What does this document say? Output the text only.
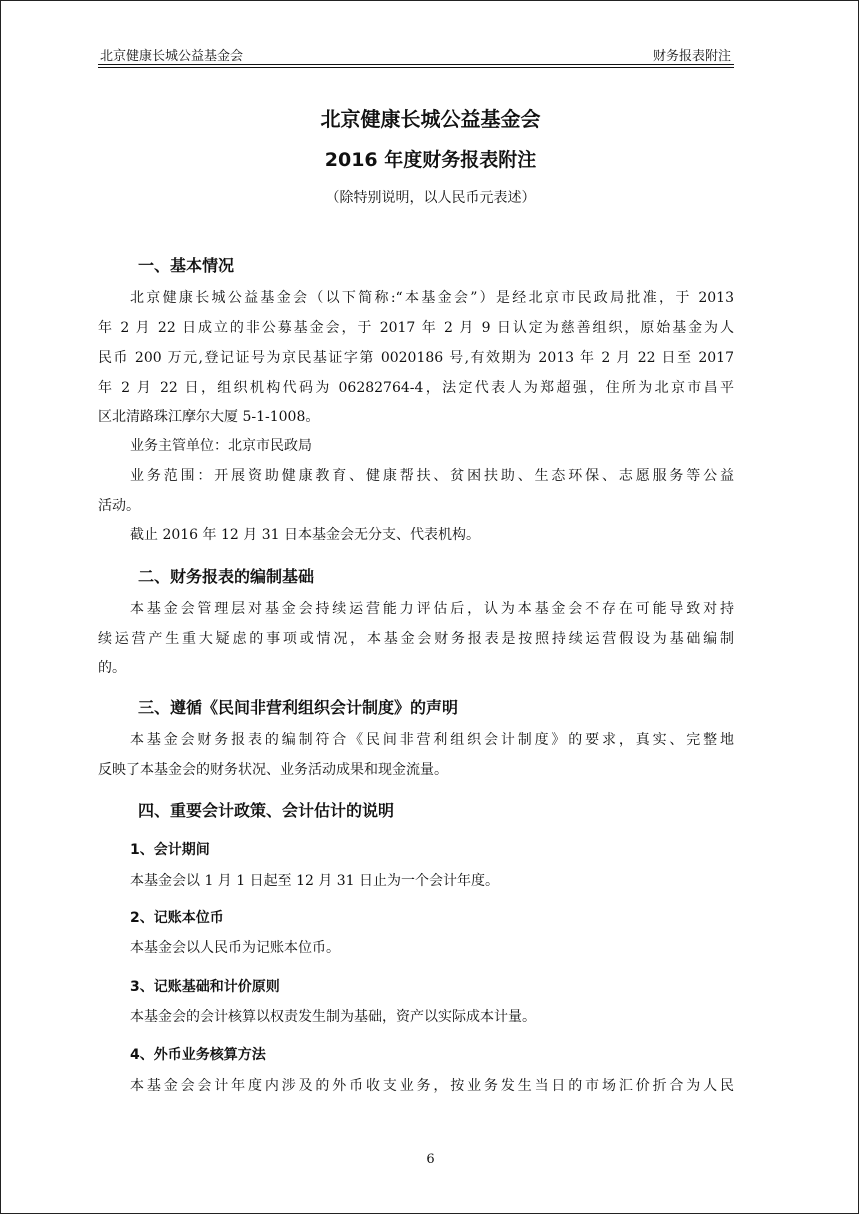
北京健康长城公益基金会	财务报表附注
北京健康长城公益基金会
2016 年度财务报表附注
（除特别说明，以人民币元表述）
一、基本情况
北京健康长城公益基金会（以下简称:“本基金会”）是经北京市民政局批准，于 2013
年 2 月 22 日成立的非公募基金会，于 2017 年 2 月 9 日认定为慈善组织，原始基金为人
民币 200 万元,登记证号为京民基证字第 0020186 号,有效期为 2013 年 2 月 22 日至 2017
年 2 月 22 日，组织机构代码为 06282764-4，法定代表人为郑超强，住所为北京市昌平
区北清路珠江摩尔大厦 5-1-1008。
业务主管单位：北京市民政局
业务范围：开展资助健康教育、健康帮扶、贫困扶助、生态环保、志愿服务等公益
活动。
截止 2016 年 12 月 31 日本基金会无分支、代表机构。
二、财务报表的编制基础
本基金会管理层对基金会持续运营能力评估后，认为本基金会不存在可能导致对持
续运营产生重大疑虑的事项或情况，本基金会财务报表是按照持续运营假设为基础编制
的。
三、遵循《民间非营利组织会计制度》的声明
本基金会财务报表的编制符合《民间非营利组织会计制度》的要求，真实、完整地
反映了本基金会的财务状况、业务活动成果和现金流量。
四、重要会计政策、会计估计的说明
1、会计期间
本基金会以 1 月 1 日起至 12 月 31 日止为一个会计年度。
2、记账本位币
本基金会以人民币为记账本位币。
3、记账基础和计价原则
本基金会的会计核算以权责发生制为基础，资产以实际成本计量。
4、外币业务核算方法
本基金会会计年度内涉及的外币收支业务，按业务发生当日的市场汇价折合为人民
6
